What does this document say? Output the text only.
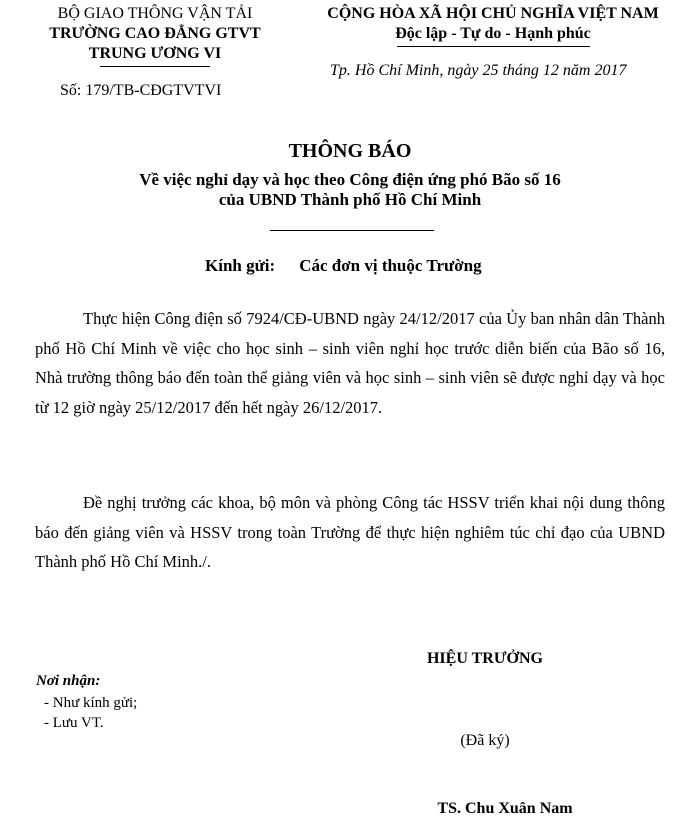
BỘ GIAO THÔNG VẬN TẢI
TRƯỜNG CAO ĐẲNG GTVT
TRUNG ƯƠNG VI
Số: 179/TB-CĐGTVTVI
CỘNG HÒA XÃ HỘI CHỦ NGHĨA VIỆT NAM
Độc lập - Tự do - Hạnh phúc
Tp. Hồ Chí Minh, ngày 25 tháng 12 năm 2017
THÔNG BÁO
Về việc nghỉ dạy và học theo Công điện ứng phó Bão số 16
của UBND Thành phố Hồ Chí Minh
Kính gửi: Các đơn vị thuộc Trường
Thực hiện Công điện số 7924/CĐ-UBND ngày 24/12/2017 của Ủy ban nhân dân Thành phố Hồ Chí Minh về việc cho học sinh – sinh viên nghỉ học trước diễn biến của Bão số 16, Nhà trường thông báo đến toàn thể giảng viên và học sinh – sinh viên sẽ được nghỉ dạy và học từ 12 giờ ngày 25/12/2017 đến hết ngày 26/12/2017.
Đề nghị trưởng các khoa, bộ môn và phòng Công tác HSSV triển khai nội dung thông báo đến giảng viên và HSSV trong toàn Trường để thực hiện nghiêm túc chỉ đạo của UBND Thành phố Hồ Chí Minh./.
HIỆU TRƯỞNG
Nơi nhận:
- Như kính gửi;
- Lưu VT.
(Đã ký)
TS. Chu Xuân Nam
